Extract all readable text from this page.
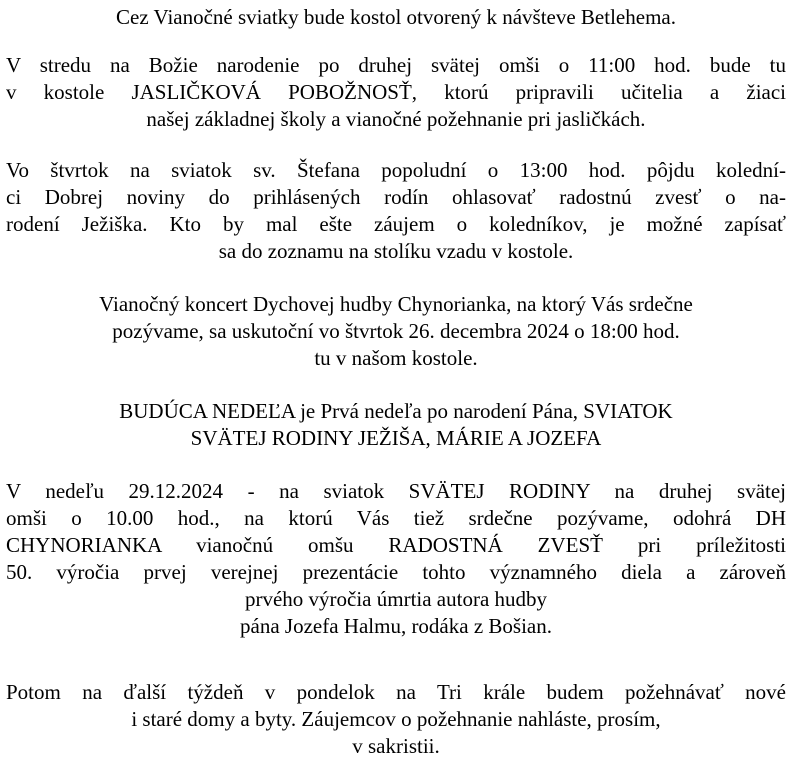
Cez Vianočné sviatky bude kostol otvorený k návšteve Betlehema.
V stredu na Božie narodenie po druhej svätej omši o 11:00 hod. bude tu
v kostole JASLIČKOVÁ POBOŽNOSŤ, ktorú pripravili učitelia a žiaci
našej základnej školy a vianočné požehnanie pri jasličkách.
Vo štvrtok na sviatok sv. Štefana popoludní o 13:00 hod. pôjdu kolední-
ci Dobrej noviny do prihlásených rodín ohlasovať radostnú zvesť o na-
rodení Ježiška. Kto by mal ešte záujem o koledníkov, je možné zapísať
sa do zoznamu na stolíku vzadu v kostole.
Vianočný koncert Dychovej hudby Chynorianka, na ktorý Vás srdečne
pozývame, sa uskutoční vo štvrtok 26. decembra 2024 o 18:00 hod.
tu v našom kostole.
BUDÚCA NEDEĽA je Prvá nedeľa po narodení Pána, SVIATOK
SVÄTEJ RODINY JEŽIŠA, MÁRIE A JOZEFA
V nedeľu 29.12.2024 - na sviatok SVÄTEJ RODINY na druhej svätej
omši o 10.00 hod., na ktorú Vás tiež srdečne pozývame, odohrá DH
CHYNORIANKA vianočnú omšu RADOSTNÁ ZVESŤ pri príležitosti
50. výročia prvej verejnej prezentácie tohto významného diela a zároveň
prvého výročia úmrtia autora hudby
pána Jozefa Halmu, rodáka z Bošian.
Potom na ďalší týždeň v pondelok na Tri krále budem požehnávať nové
i staré domy a byty. Záujemcov o požehnanie nahláste, prosím,
v sakristii.
